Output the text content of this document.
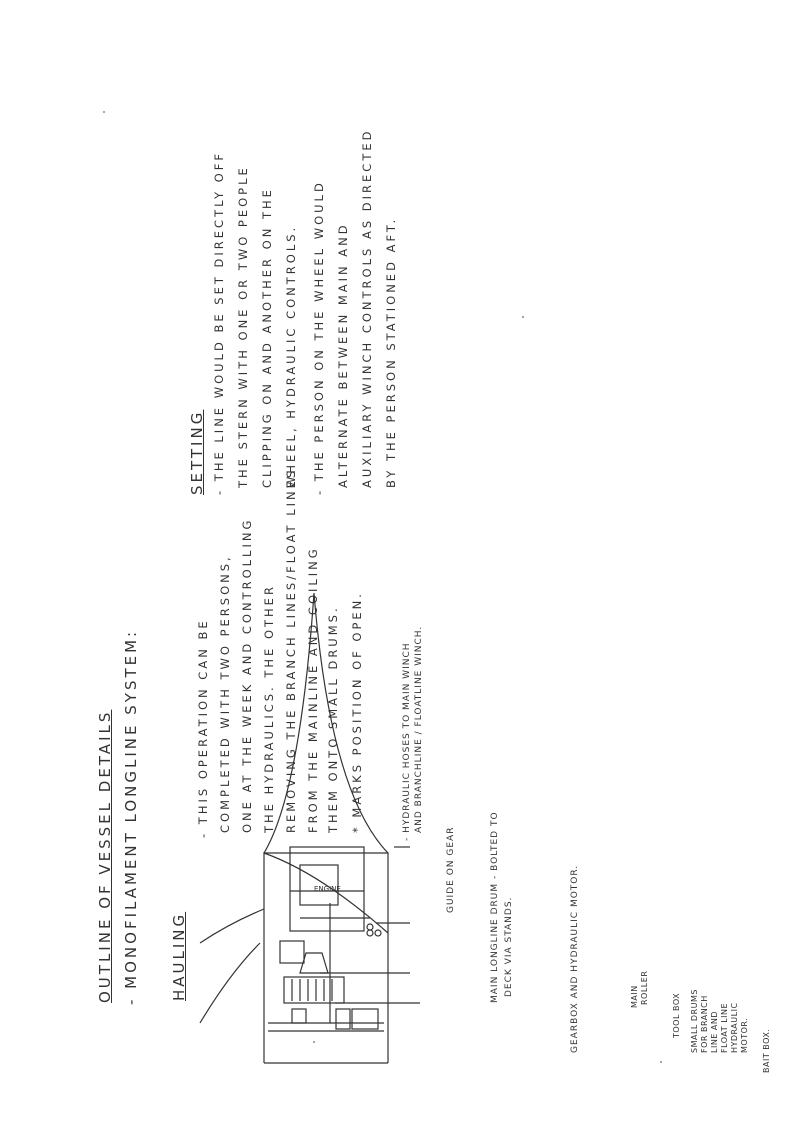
OUTLINE OF VESSEL DETAILS - MONOFILAMENT LONGLINE SYSTEM: HAULING
- THIS OPERATION CAN BE COMPLETED WITH TWO PERSONS, ONE AT THE WEEK AND CONTROLLING THE HYDRAULICS. THE OTHER REMOVING THE BRANCH LINES/FLOAT LINES FROM THE MAINLINE AND COILING THEM ONTO SMALL DRUMS. * MARKS POSITION OF OPEN.
SETTING - THE LINE WOULD BE SET DIRECTLY OFF THE STERN WITH ONE OR TWO PEOPLE CLIPPING ON AND ANOTHER ON THE WHEEL, HYDRAULIC CONTROLS. - THE PERSON ON THE WHEEL WOULD ALTERNATE BETWEEN MAIN AND AUXILIARY WINCH CONTROLS AS DIRECTED BY THE PERSON STATIONED AFT.
ENGINE
- HYDRAULIC HOSES TO MAIN WINCH AND BRANCHLINE / FLOATLINE WINCH.
GUIDE ON GEAR	MAIN LONGLINE DRUM - BOLTED TO DECK VIA STANDS.	GEARBOX AND HYDRAULIC MOTOR.	MAIN ROLLER
TOOL BOX SMALL DRUMS FOR BRANCH LINE AND FLOAT LINE HYDRAULIC MOTOR. BAIT BOX.
